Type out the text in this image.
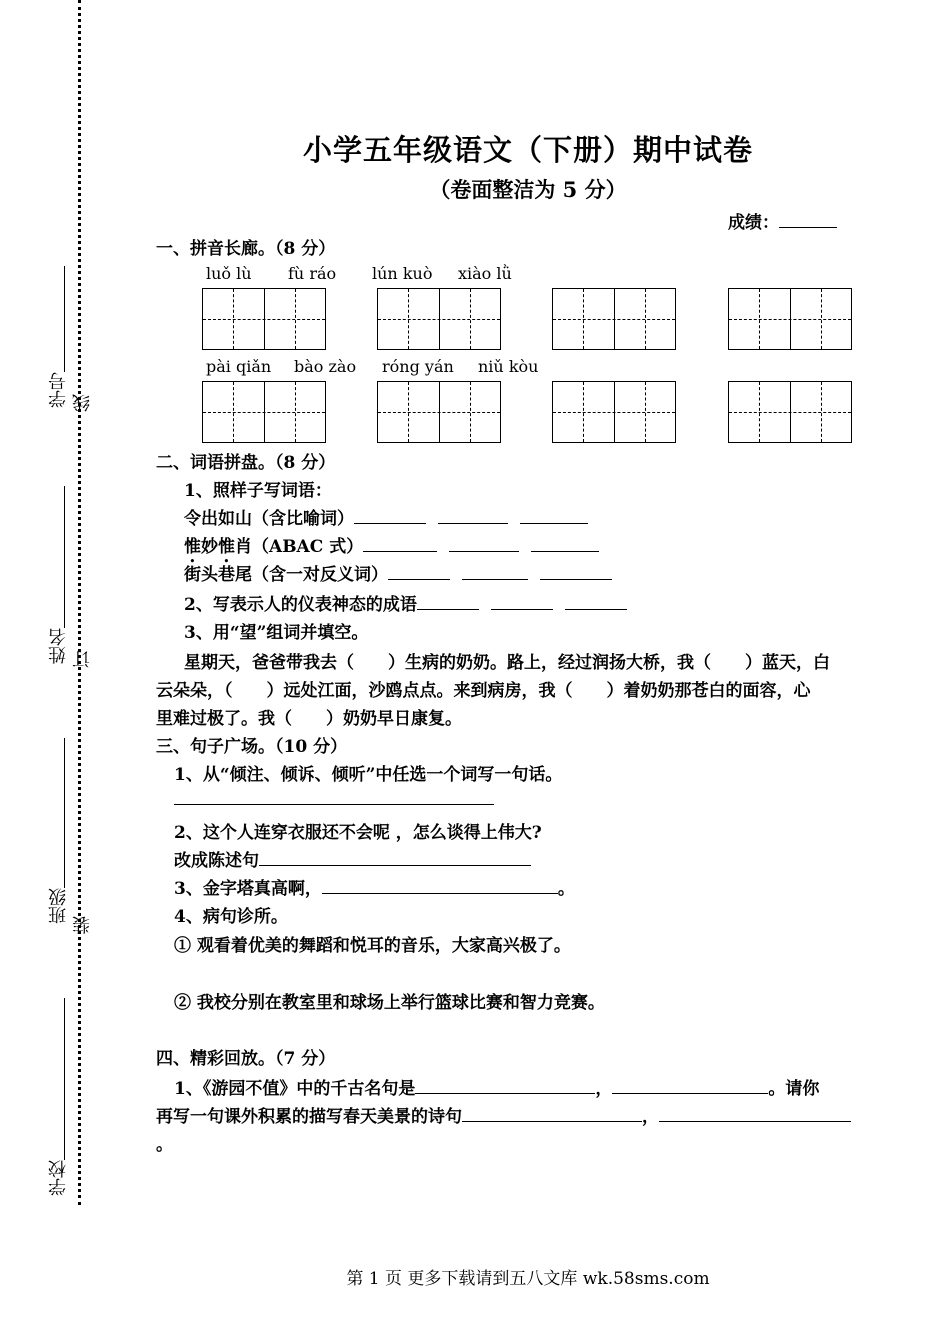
学号 线
姓名 订
班级
装
学校
小学五年级语文（下册）期中试卷
（卷面整洁为 5 分）
成绩：
一、拼音长廊。（8 分）
luǒ lù fù ráo lún kuò xiào lǜ
pài qiǎn bào zào róng yán niǔ kòu
二、词语拼盘。（8 分）
1、照样子写词语：
令出如山（含比喻词）
惟妙惟肖（ABAC 式）
街头巷尾（含一对反义词）
2、写表示人的仪表神态的成语
3、用“望”组词并填空。
星期天，爸爸带我去（　　）生病的奶奶。路上，经过润扬大桥，我（　　）蓝天，白
云朵朵，（　　）远处江面，沙鸥点点。来到病房，我（　　）着奶奶那苍白的面容，心
里难过极了。我（　　）奶奶早日康复。
三、句子广场。（10 分）
1、从“倾注、倾诉、倾听”中任选一个词写一句话。
2、这个人连穿衣服还不会呢 ，怎么谈得上伟大?
改成陈述句
3、金字塔真高啊，	。
4、病句诊所。
① 观看着优美的舞蹈和悦耳的音乐，大家高兴极了。
② 我校分别在教室里和球场上举行篮球比赛和智力竞赛。
四、精彩回放。（7 分）
1、《游园不值》中的千古名句是	，	。请你
再写一句课外积累的描写春天美景的诗句	，
。
第 1 页 更多下载请到五八文库 wk.58sms.com
